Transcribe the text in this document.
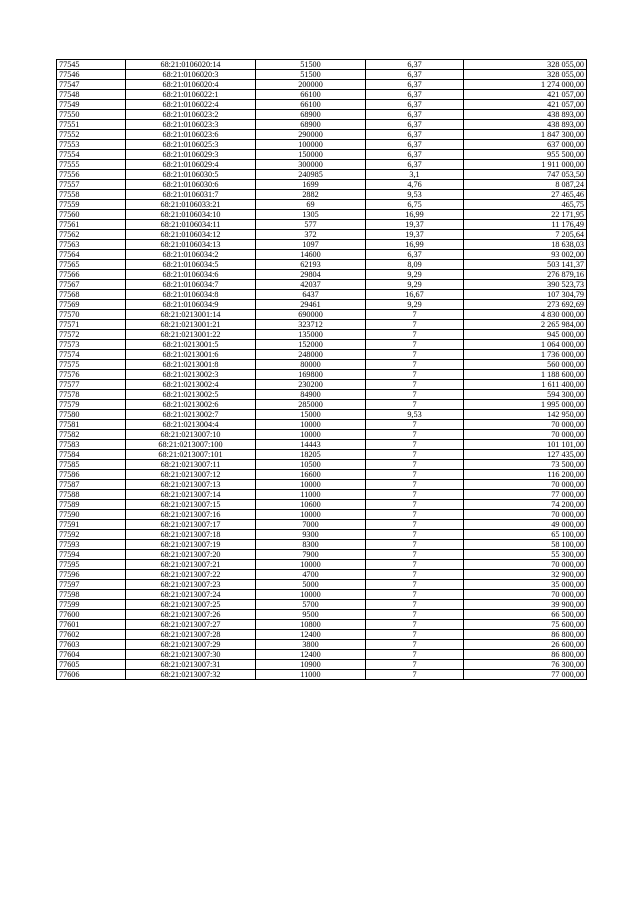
77545	68:21:0106020:14	51500	6,37	328 055,00
77546	68:21:0106020:3	51500	6,37	328 055,00
77547	68:21:0106020:4	200000	6,37	1 274 000,00
77548	68:21:0106022:1	66100	6,37	421 057,00
77549	68:21:0106022:4	66100	6,37	421 057,00
77550	68:21:0106023:2	68900	6,37	438 893,00
77551	68:21:0106023:3	68900	6,37	438 893,00
77552	68:21:0106023:6	290000	6,37	1 847 300,00
77553	68:21:0106025:3	100000	6,37	637 000,00
77554	68:21:0106029:3	150000	6,37	955 500,00
77555	68:21:0106029:4	300000	6,37	1 911 000,00
77556	68:21:0106030:5	240985	3,1	747 053,50
77557	68:21:0106030:6	1699	4,76	8 087,24
77558	68:21:0106031:7	2882	9,53	27 465,46
77559	68:21:0106033:21	69	6,75	465,75
77560	68:21:0106034:10	1305	16,99	22 171,95
77561	68:21:0106034:11	577	19,37	11 176,49
77562	68:21:0106034:12	372	19,37	7 205,64
77563	68:21:0106034:13	1097	16,99	18 638,03
77564	68:21:0106034:2	14600	6,37	93 002,00
77565	68:21:0106034:5	62193	8,09	503 141,37
77566	68:21:0106034:6	29804	9,29	276 879,16
77567	68:21:0106034:7	42037	9,29	390 523,73
77568	68:21:0106034:8	6437	16,67	107 304,79
77569	68:21:0106034:9	29461	9,29	273 692,69
77570	68:21:0213001:14	690000	7	4 830 000,00
77571	68:21:0213001:21	323712	7	2 265 984,00
77572	68:21:0213001:22	135000	7	945 000,00
77573	68:21:0213001:5	152000	7	1 064 000,00
77574	68:21:0213001:6	248000	7	1 736 000,00
77575	68:21:0213001:8	80000	7	560 000,00
77576	68:21:0213002:3	169800	7	1 188 600,00
77577	68:21:0213002:4	230200	7	1 611 400,00
77578	68:21:0213002:5	84900	7	594 300,00
77579	68:21:0213002:6	285000	7	1 995 000,00
77580	68:21:0213002:7	15000	9,53	142 950,00
77581	68:21:0213004:4	10000	7	70 000,00
77582	68:21:0213007:10	10000	7	70 000,00
77583	68:21:0213007:100	14443	7	101 101,00
77584	68:21:0213007:101	18205	7	127 435,00
77585	68:21:0213007:11	10500	7	73 500,00
77586	68:21:0213007:12	16600	7	116 200,00
77587	68:21:0213007:13	10000	7	70 000,00
77588	68:21:0213007:14	11000	7	77 000,00
77589	68:21:0213007:15	10600	7	74 200,00
77590	68:21:0213007:16	10000	7	70 000,00
77591	68:21:0213007:17	7000	7	49 000,00
77592	68:21:0213007:18	9300	7	65 100,00
77593	68:21:0213007:19	8300	7	58 100,00
77594	68:21:0213007:20	7900	7	55 300,00
77595	68:21:0213007:21	10000	7	70 000,00
77596	68:21:0213007:22	4700	7	32 900,00
77597	68:21:0213007:23	5000	7	35 000,00
77598	68:21:0213007:24	10000	7	70 000,00
77599	68:21:0213007:25	5700	7	39 900,00
77600	68:21:0213007:26	9500	7	66 500,00
77601	68:21:0213007:27	10800	7	75 600,00
77602	68:21:0213007:28	12400	7	86 800,00
77603	68:21:0213007:29	3800	7	26 600,00
77604	68:21:0213007:30	12400	7	86 800,00
77605	68:21:0213007:31	10900	7	76 300,00
77606	68:21:0213007:32	11000	7	77 000,00
